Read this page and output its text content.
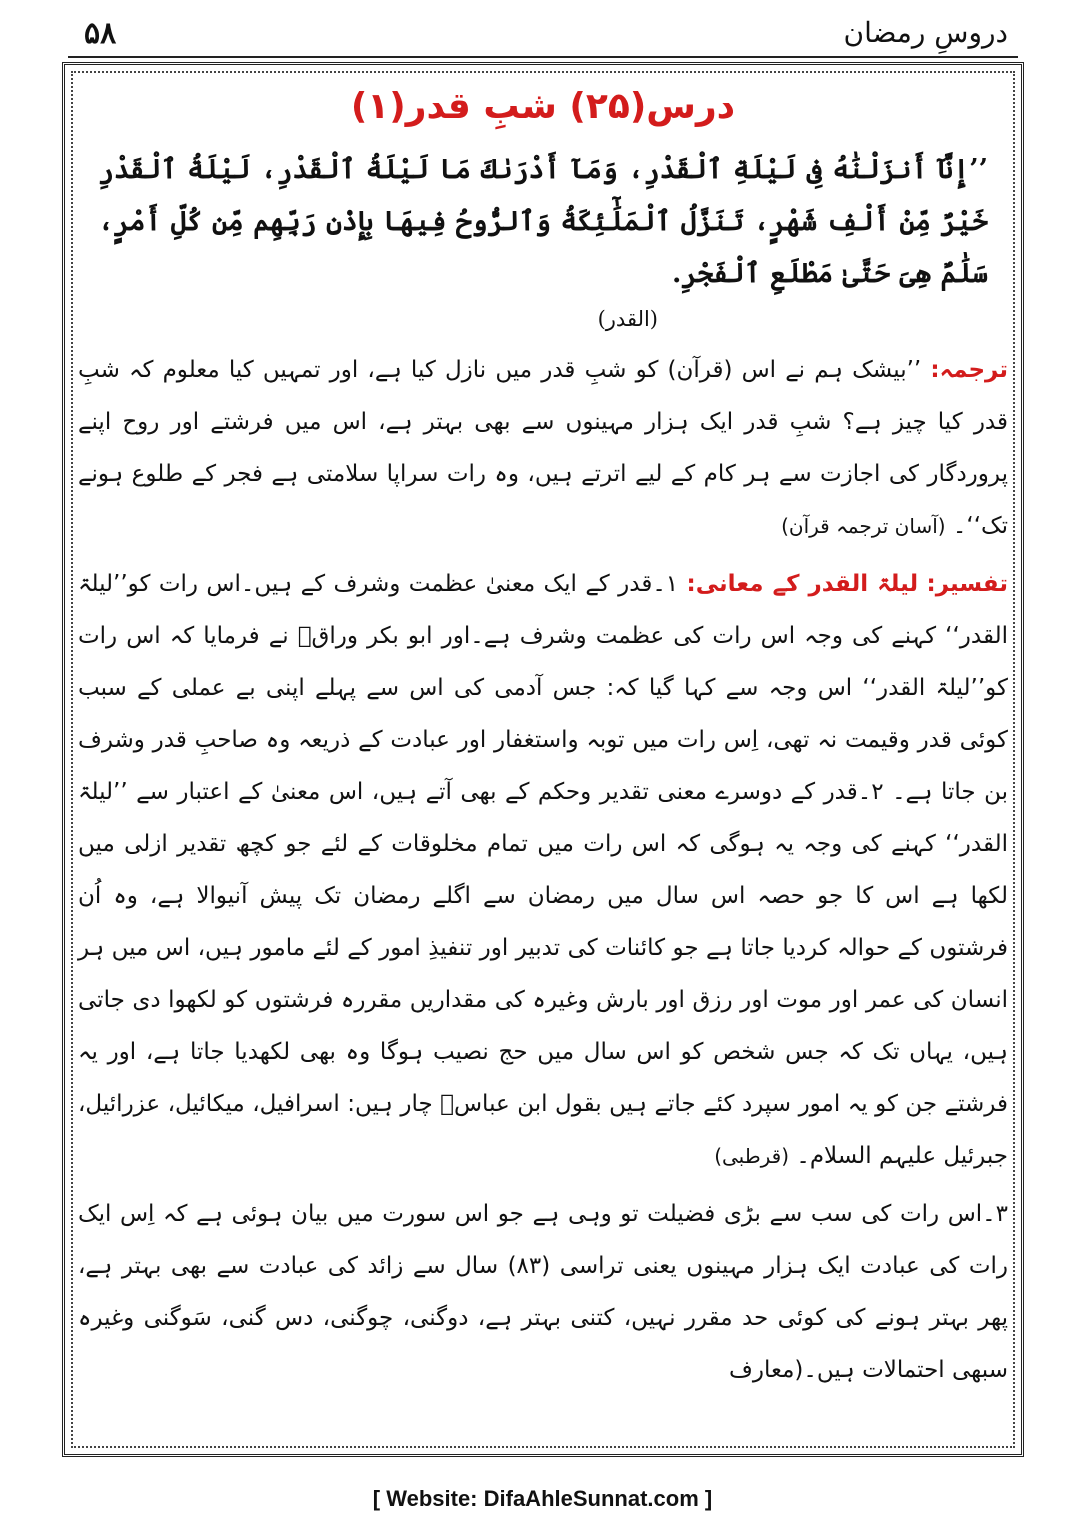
۵۸	دروسِ رمضان
درس(۲۵) شبِ قدر(۱)
’’إِنَّآ أَنزَلْنَٰهُ فِى لَيْلَةِ ٱلْقَدْرِ، وَمَآ أَدْرَىٰكَ مَا لَيْلَةُ ٱلْقَدْرِ، لَيْلَةُ ٱلْقَدْرِ خَيْرٌ مِّنْ أَلْفِ شَهْرٍ، تَنَزَّلُ ٱلْمَلَٰٓئِكَةُ وَٱلرُّوحُ فِيهَا بِإِذْنِ رَبِّهِم مِّن كُلِّ أَمْرٍ، سَلَٰمٌ هِىَ حَتَّىٰ مَطْلَعِ ٱلْفَجْرِ.
(القدر)
ترجمہ: ’’بیشک ہم نے اس (قرآن) کو شبِ قدر میں نازل کیا ہے، اور تمہیں کیا معلوم کہ شبِ قدر کیا چیز ہے؟ شبِ قدر ایک ہزار مہینوں سے بھی بہتر ہے، اس میں فرشتے اور روح اپنے پروردگار کی اجازت سے ہر کام کے لیے اترتے ہیں، وہ رات سراپا سلامتی ہے فجر کے طلوع ہونے تک‘‘۔ (آسان ترجمہ قرآن)
تفسیر: لیلۃ القدر کے معانی: ۱۔قدر کے ایک معنیٰ عظمت وشرف کے ہیں۔اس رات کو’’لیلۃ القدر‘‘ کہنے کی وجہ اس رات کی عظمت وشرف ہے۔اور ابو بکر وراقؒ نے فرمایا کہ اس رات کو’’لیلۃ القدر‘‘ اس وجہ سے کہا گیا کہ: جس آدمی کی اس سے پہلے اپنی بے عملی کے سبب کوئی قدر وقیمت نہ تھی، اِس رات میں توبہ واستغفار اور عبادت کے ذریعہ وہ صاحبِ قدر وشرف بن جاتا ہے۔ ۲۔قدر کے دوسرے معنی تقدیر وحکم کے بھی آتے ہیں، اس معنیٰ کے اعتبار سے ’’لیلۃ القدر‘‘ کہنے کی وجہ یہ ہوگی کہ اس رات میں تمام مخلوقات کے لئے جو کچھ تقدیر ازلی میں لکھا ہے اس کا جو حصہ اس سال میں رمضان سے اگلے رمضان تک پیش آنیوالا ہے، وہ اُن فرشتوں کے حوالہ کردیا جاتا ہے جو کائنات کی تدبیر اور تنفیذِ امور کے لئے مامور ہیں، اس میں ہر انسان کی عمر اور موت اور رزق اور بارش وغیرہ کی مقداریں مقررہ فرشتوں کو لکھوا دی جاتی ہیں، یہاں تک کہ جس شخص کو اس سال میں حج نصیب ہوگا وہ بھی لکھدیا جاتا ہے، اور یہ فرشتے جن کو یہ امور سپرد کئے جاتے ہیں بقول ابن عباسؓ چار ہیں: اسرافیل، میکائیل، عزرائیل، جبرئیل علیہم السلام۔ (قرطبی)
۳۔اس رات کی سب سے بڑی فضیلت تو وہی ہے جو اس سورت میں بیان ہوئی ہے کہ اِس ایک رات کی عبادت ایک ہزار مہینوں یعنی تراسی (۸۳) سال سے زائد کی عبادت سے بھی بہتر ہے، پھر بہتر ہونے کی کوئی حد مقرر نہیں، کتنی بہتر ہے، دوگنی، چوگنی، دس گنی، سَوگنی وغیرہ سبھی احتمالات ہیں۔(معارف
[ Website: DifaAhleSunnat.com ]
